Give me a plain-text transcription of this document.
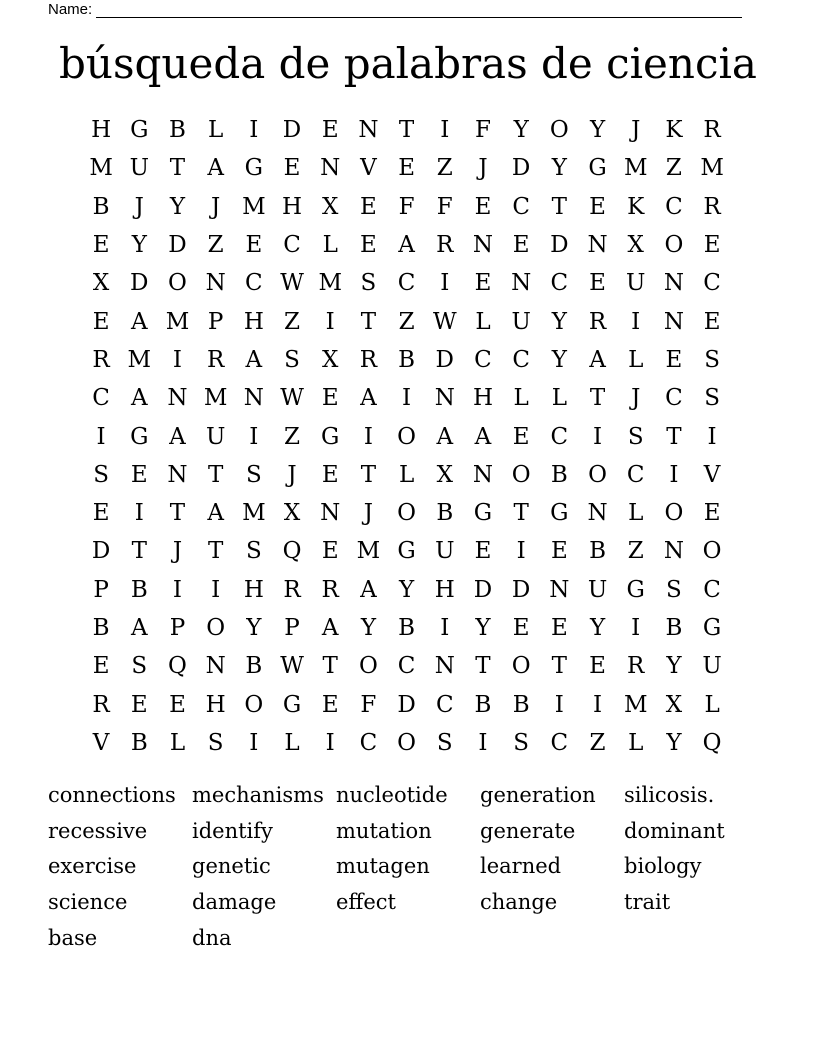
Name:
búsqueda de palabras de ciencia
H G B L	I	D E N T	I	F Y O Y	J	K R
M U T A G E N V E Z	J	D Y G M Z M
B	J	Y	J M H X E F F E C T E K C R
E Y D Z E C L E A R N E D N X O E
X D O N C W M S C	I	E N C E U N C
E A M P H Z	I	T Z W L U Y R	I	N E
R M I	R A S X R B D C C Y A L E S
C A N M N W E A	I	N H L L T	J	C S
I	G A U	I	Z G	I	O A A E C	I	S T	I
S E N T S	J	E T L X N O B O C	I	V
E	I	T A M X N	J	O B G T G N L O E
D T	J	T S Q E M G U E	I	E B Z N O
P B	I	I	H R R A Y H D D N U G S C
B A P O Y P A Y B	I	Y E E Y	I	B G
E S Q N B W T O C N T O T E R Y U
R E E H O G E F D C B B	I	I M X L
V B L S	I	L	I	C O S	I	S C Z L Y Q
connections mechanisms nucleotide	generation	silicosis.
recessive	identify	mutation	generate	dominant
exercise	genetic	mutagen	learned	biology
science	damage	effect	change	trait
base	dna
